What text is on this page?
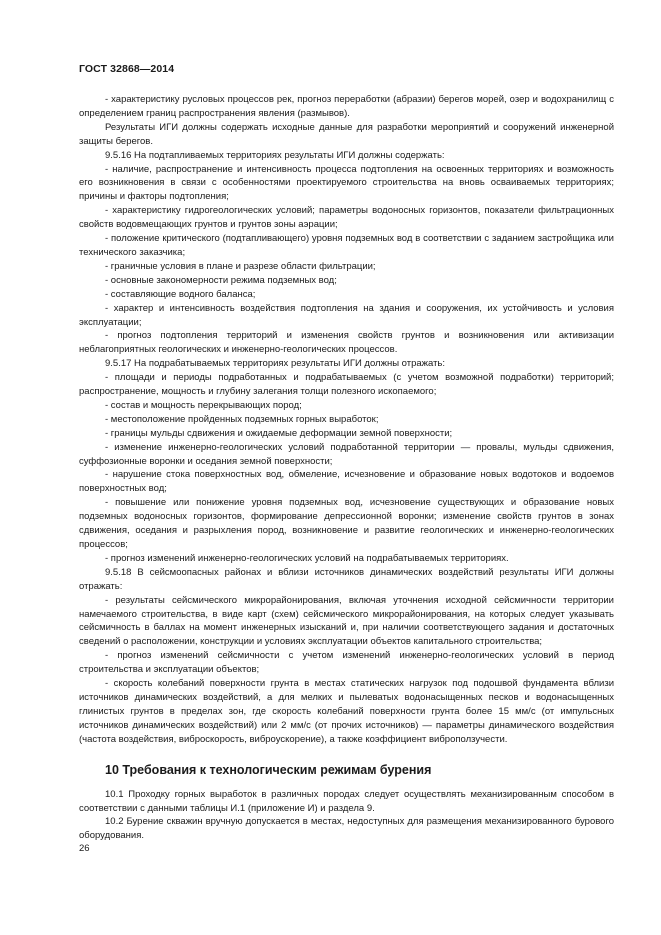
ГОСТ 32868—2014

- характеристику русловых процессов рек, прогноз переработки (абразии) берегов морей, озер и водохранилищ с определением границ распространения явления (размывов).

Результаты ИГИ должны содержать исходные данные для разработки мероприятий и сооружений инженерной защиты берегов.

9.5.16 На подтапливаемых территориях результаты ИГИ должны содержать:

- наличие, распространение и интенсивность процесса подтопления на освоенных территориях и возможность его возникновения в связи с особенностями проектируемого строительства на вновь осваиваемых территориях; причины и факторы подтопления;

- характеристику гидрогеологических условий; параметры водоносных горизонтов, показатели фильтрационных свойств водовмещающих грунтов и грунтов зоны аэрации;

- положение критического (подтапливающего) уровня подземных вод в соответствии с заданием застройщика или технического заказчика;

- граничные условия в плане и разрезе области фильтрации;

- основные закономерности режима подземных вод;

- составляющие водного баланса;

- характер и интенсивность воздействия подтопления на здания и сооружения, их устойчивость и условия эксплуатации;

- прогноз подтопления территорий и изменения свойств грунтов и возникновения или активизации неблагоприятных геологических и инженерно-геологических процессов.

9.5.17 На подрабатываемых территориях результаты ИГИ должны отражать:

- площади и периоды подработанных и подрабатываемых (с учетом возможной подработки) территорий; распространение, мощность и глубину залегания толщи полезного ископаемого;

- состав и мощность перекрывающих пород;

- местоположение пройденных подземных горных выработок;

- границы мульды сдвижения и ожидаемые деформации земной поверхности;

- изменение инженерно-геологических условий подработанной территории — провалы, мульды сдвижения, суффозионные воронки и оседания земной поверхности;

- нарушение стока поверхностных вод, обмеление, исчезновение и образование новых водотоков и водоемов поверхностных вод;

- повышение или понижение уровня подземных вод, исчезновение существующих и образование новых подземных водоносных горизонтов, формирование депрессионной воронки; изменение свойств грунтов в зонах сдвижения, оседания и разрыхления пород, возникновение и развитие геологических и инженерно-геологических процессов;

- прогноз изменений инженерно-геологических условий на подрабатываемых территориях.

9.5.18 В сейсмоопасных районах и вблизи источников динамических воздействий результаты ИГИ должны отражать:

- результаты сейсмического микрорайонирования, включая уточнения исходной сейсмичности территории намечаемого строительства, в виде карт (схем) сейсмического микрорайонирования, на которых следует указывать сейсмичность в баллах на момент инженерных изысканий и, при наличии соответствующего задания и достаточных сведений о расположении, конструкции и условиях эксплуатации объектов капитального строительства;

- прогноз изменений сейсмичности с учетом изменений инженерно-геологических условий в период строительства и эксплуатации объектов;

- скорость колебаний поверхности грунта в местах статических нагрузок под подошвой фундамента вблизи источников динамических воздействий, а для мелких и пылеватых водонасыщенных песков и водонасыщенных глинистых грунтов в пределах зон, где скорость колебаний поверхности грунта более 15 мм/с (от импульсных источников динамических воздействий) или 2 мм/с (от прочих источников) — параметры динамического воздействия (частота воздействия, виброскорость, виброускорение), а также коэффициент виброползучести.

10 Требования к технологическим режимам бурения

10.1 Проходку горных выработок в различных породах следует осуществлять механизированным способом в соответствии с данными таблицы И.1 (приложение И) и раздела 9.

10.2 Бурение скважин вручную допускается в местах, недоступных для размещения механизированного бурового оборудования.

26
